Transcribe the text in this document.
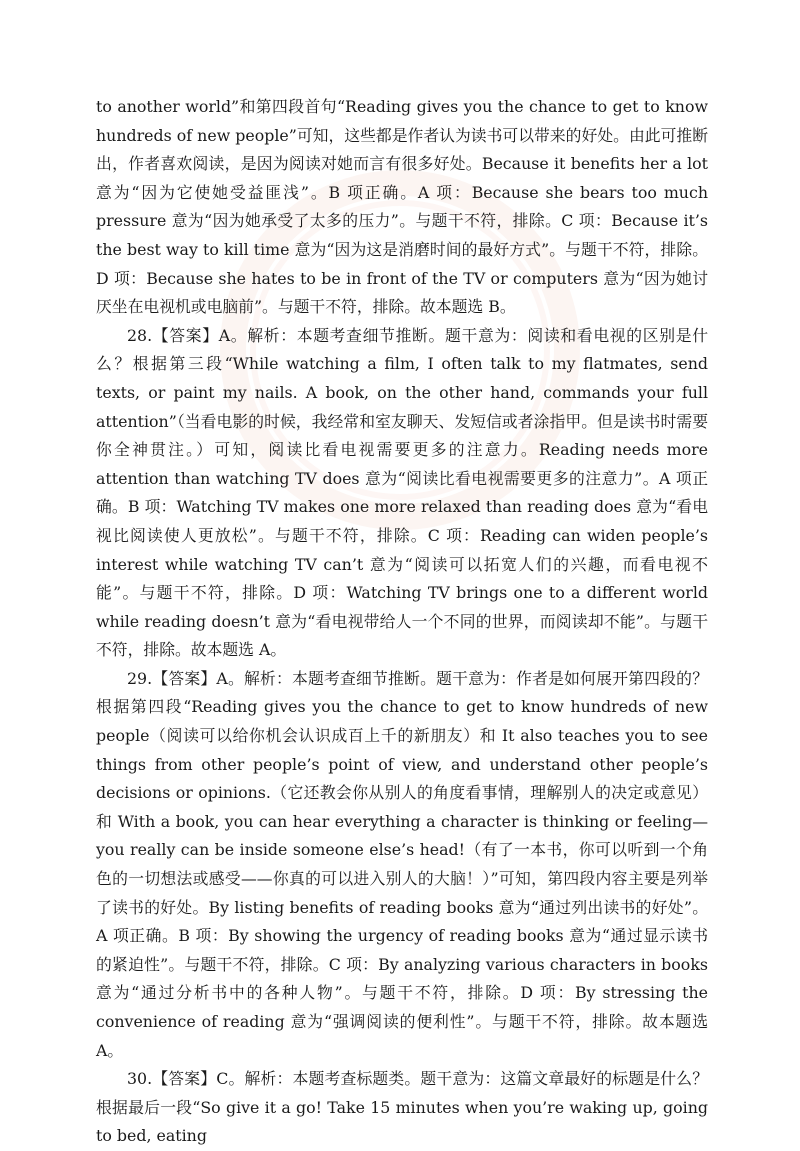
to another world”和第四段首句“Reading gives you the chance to get to know hundreds of new people”可知，这些都是作者认为读书可以带来的好处。由此可推断出，作者喜欢阅读，是因为阅读对她而言有很多好处。Because it benefits her a lot 意为“因为它使她受益匪浅”。B 项正确。A 项：Because she bears too much pressure 意为“因为她承受了太多的压力”。与题干不符，排除。C 项：Because it’s the best way to kill time 意为“因为这是消磨时间的最好方式”。与题干不符，排除。D 项：Because she hates to be in front of the TV or computers 意为“因为她讨厌坐在电视机或电脑前”。与题干不符，排除。故本题选 B。

28.【答案】A。解析：本题考查细节推断。题干意为：阅读和看电视的区别是什么？根据第三段“While watching a film, I often talk to my flatmates, send texts, or paint my nails. A book, on the other hand, commands your full attention”（当看电影的时候，我经常和室友聊天、发短信或者涂指甲。但是读书时需要你全神贯注。）可知，阅读比看电视需要更多的注意力。Reading needs more attention than watching TV does 意为“阅读比看电视需要更多的注意力”。A 项正确。B 项：Watching TV makes one more relaxed than reading does 意为“看电视比阅读使人更放松”。与题干不符，排除。C 项：Reading can widen people’s interest while watching TV can’t 意为“阅读可以拓宽人们的兴趣，而看电视不能”。与题干不符，排除。D 项：Watching TV brings one to a different world while reading doesn’t 意为“看电视带给人一个不同的世界，而阅读却不能”。与题干不符，排除。故本题选 A。

29.【答案】A。解析：本题考查细节推断。题干意为：作者是如何展开第四段的？根据第四段“Reading gives you the chance to get to know hundreds of new people（阅读可以给你机会认识成百上千的新朋友）和 It also teaches you to see things from other people’s point of view, and understand other people’s decisions or opinions.（它还教会你从别人的角度看事情，理解别人的决定或意见）和 With a book, you can hear everything a character is thinking or feeling—you really can be inside someone else’s head!（有了一本书，你可以听到一个角色的一切想法或感受——你真的可以进入别人的大脑！）”可知，第四段内容主要是列举了读书的好处。By listing benefits of reading books 意为“通过列出读书的好处”。A 项正确。B 项：By showing the urgency of reading books 意为“通过显示读书的紧迫性”。与题干不符，排除。C 项：By analyzing various characters in books 意为“通过分析书中的各种人物”。与题干不符，排除。D 项：By stressing the convenience of reading 意为“强调阅读的便利性”。与题干不符，排除。故本题选 A。

30.【答案】C。解析：本题考查标题类。题干意为：这篇文章最好的标题是什么？根据最后一段“So give it a go! Take 15 minutes when you’re waking up, going to bed, eating
